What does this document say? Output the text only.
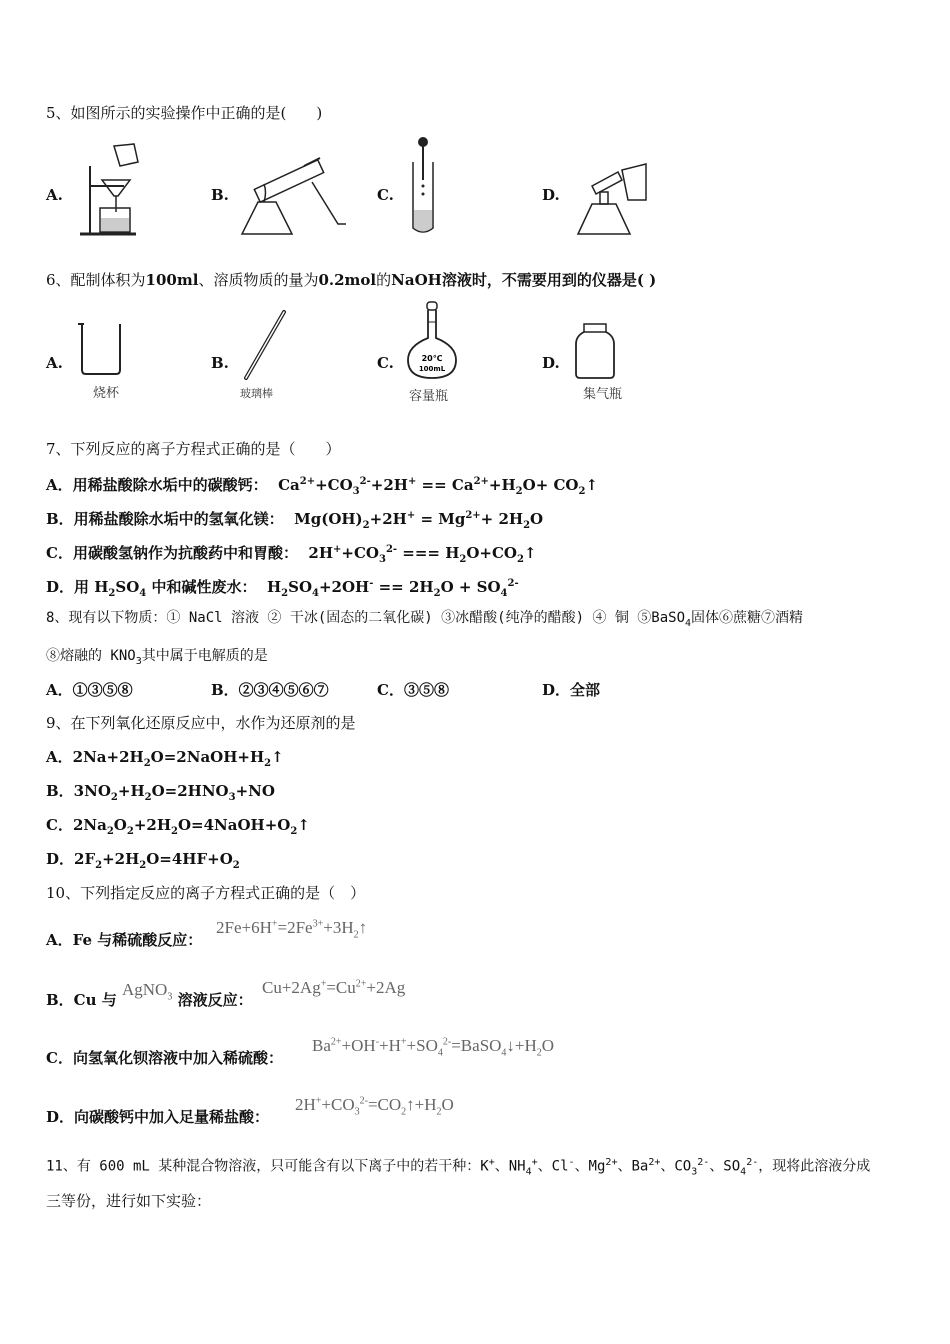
5、如图所示的实验操作中正确的是(　　)
A.	B.	C.	D.
6、配制体积为100ml、溶质物质的量为0.2mol的NaOH溶液时，不需要用到的仪器是( )
A.
烧杯
B.
玻璃棒
C.	20℃
100mL
容量瓶
D.
集气瓶
7、下列反应的离子方程式正确的是（　　）
A．用稀盐酸除水垢中的碳酸钙：  $Ca^{2+}+CO_3^{2-}+2H^+ == Ca^{2+}+H_2O+$ $CO_2↑$
B．用稀盐酸除水垢中的氢氧化镁：  $Mg(OH)_2+2H^+ = Mg^{2+}+ 2H_2O$
C．用碳酸氢钠作为抗酸药中和胃酸：  $2H^++CO_3^{2-}$ === $H_2O+CO_2↑$
D．用 $H_2SO_4$ 中和碱性废水：  $H_2SO_4+2OH^- == 2H_2O + SO_4^{2-}$
8、现有以下物质：① NaCl 溶液 ② 干冰(固态的二氧化碳) ③冰醋酸(纯净的醋酸) ④ 铜 ⑤BaSO$_4$固体⑥蔗糖⑦酒精
⑧熔融的 $KNO_3$其中属于电解质的是
A．①③⑤⑧	B．②③④⑤⑥⑦	C．③⑤⑧	D．全部
9、在下列氧化还原反应中，水作为还原剂的是
A．$2Na+2H_2O=2NaOH+H_2↑$
B．$3NO_2+H_2O=2HNO_3+NO$
C．$2Na_2O_2+2H_2O=4NaOH+O_2↑$
D．$2F_2+2H_2O=4HF+O_2$
10、下列指定反应的离子方程式正确的是（　）
A．Fe 与稀硫酸反应：
$2Fe+6H^+=2Fe^{3+}+3H_2↑$
B．Cu 与 AgNO$_3$ 溶液反应：
$Cu+2Ag^+=Cu^{2+}+2Ag$
C．向氢氧化钡溶液中加入稀硫酸：
$Ba^{2+}+OH^-+H^++SO_4^{2-}=BaSO_4↓+H_2O$
D．向碳酸钙中加入足量稀盐酸：
$2H^++CO_3^{2-}=CO_2↑+H_2O$
11、有 600 mL 某种混合物溶液，只可能含有以下离子中的若干种：K+、$NH_4^+$、Cl-、$Mg^{2+}$、$Ba^{2+}$、$CO_3^{2-}$、$SO_4^{2-}$，现将此溶液分成
三等份，进行如下实验：
